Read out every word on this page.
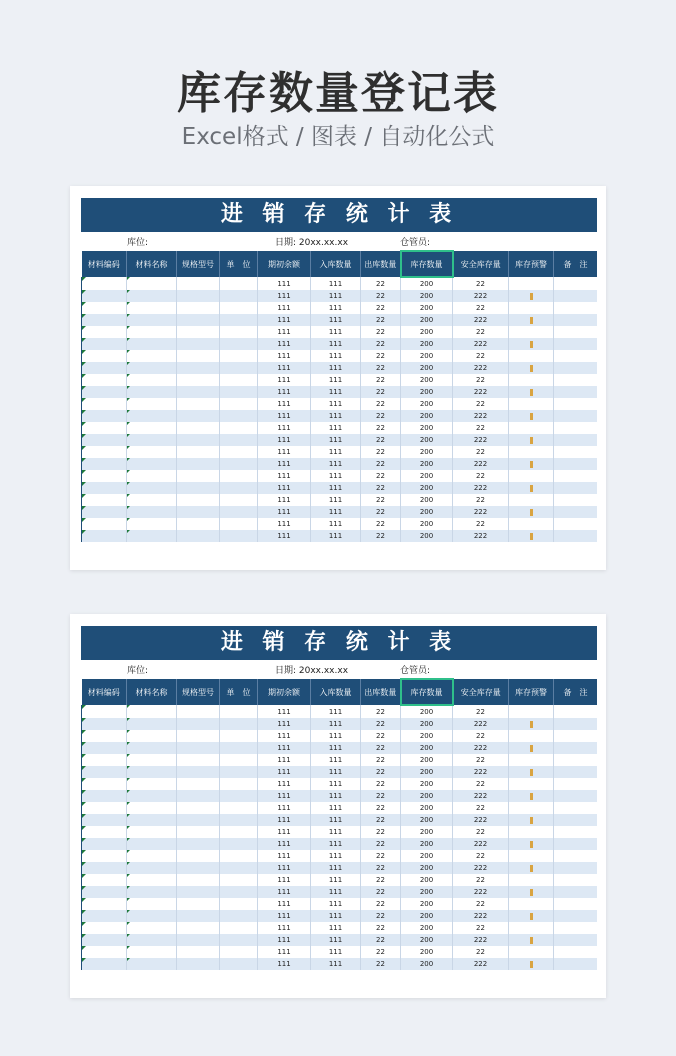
库存数量登记表
Excel格式 / 图表 / 自动化公式
进 销 存 统 计 表
库位:	日期: 20xx.xx.xx	仓管员:
材料编码	材料名称	规格型号	单　位	期初余额	入库数量	出库数量	库存数量	安全库存量	库存预警	备　注
				111	111	22	200	22		
				111	111	22	200	222		
				111	111	22	200	22		
				111	111	22	200	222		
				111	111	22	200	22		
				111	111	22	200	222		
				111	111	22	200	22		
				111	111	22	200	222		
				111	111	22	200	22		
				111	111	22	200	222		
				111	111	22	200	22		
				111	111	22	200	222		
				111	111	22	200	22		
				111	111	22	200	222		
				111	111	22	200	22		
				111	111	22	200	222		
				111	111	22	200	22		
				111	111	22	200	222		
				111	111	22	200	22		
				111	111	22	200	222		
				111	111	22	200	22		
				111	111	22	200	222		
进 销 存 统 计 表
库位:	日期: 20xx.xx.xx	仓管员:
材料编码	材料名称	规格型号	单　位	期初余额	入库数量	出库数量	库存数量	安全库存量	库存预警	备　注
				111	111	22	200	22		
				111	111	22	200	222		
				111	111	22	200	22		
				111	111	22	200	222		
				111	111	22	200	22		
				111	111	22	200	222		
				111	111	22	200	22		
				111	111	22	200	222		
				111	111	22	200	22		
				111	111	22	200	222		
				111	111	22	200	22		
				111	111	22	200	222		
				111	111	22	200	22		
				111	111	22	200	222		
				111	111	22	200	22		
				111	111	22	200	222		
				111	111	22	200	22		
				111	111	22	200	222		
				111	111	22	200	22		
				111	111	22	200	222		
				111	111	22	200	22		
				111	111	22	200	222		
